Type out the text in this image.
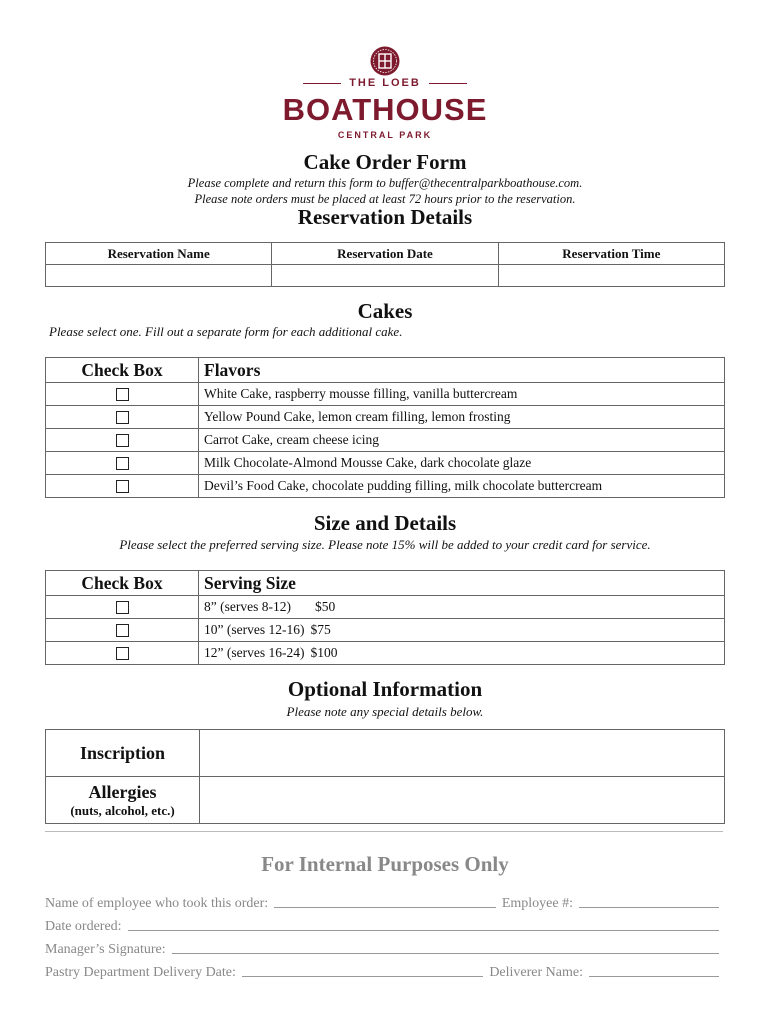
THE LOEB
BOATHOUSE
CENTRAL PARK
Cake Order Form
Please complete and return this form to buffer@thecentralparkboathouse.com.
Please note orders must be placed at least 72 hours prior to the reservation.
Reservation Details
Reservation Name	Reservation Date	Reservation Time

Cakes
Please select one. Fill out a separate form for each additional cake.
Check Box	Flavors
	White Cake, raspberry mousse filling, vanilla buttercream
	Yellow Pound Cake, lemon cream filling, lemon frosting
	Carrot Cake, cream cheese icing
	Milk Chocolate-Almond Mousse Cake, dark chocolate glaze
	Devil’s Food Cake, chocolate pudding filling, milk chocolate buttercream
Size and Details
Please select the preferred serving size. Please note 15% will be added to your credit card for service.
Check Box	Serving Size
	8” (serves 8-12) $50
	10” (serves 12-16) $75
	12” (serves 16-24) $100
Optional Information
Please note any special details below.
Inscription	

Allergies
(nuts, alcohol, etc.)	

For Internal Purposes Only
Name of employee who took this order:	Employee #:
Date ordered:
Manager’s Signature:
Pastry Department Delivery Date:	Deliverer Name:
